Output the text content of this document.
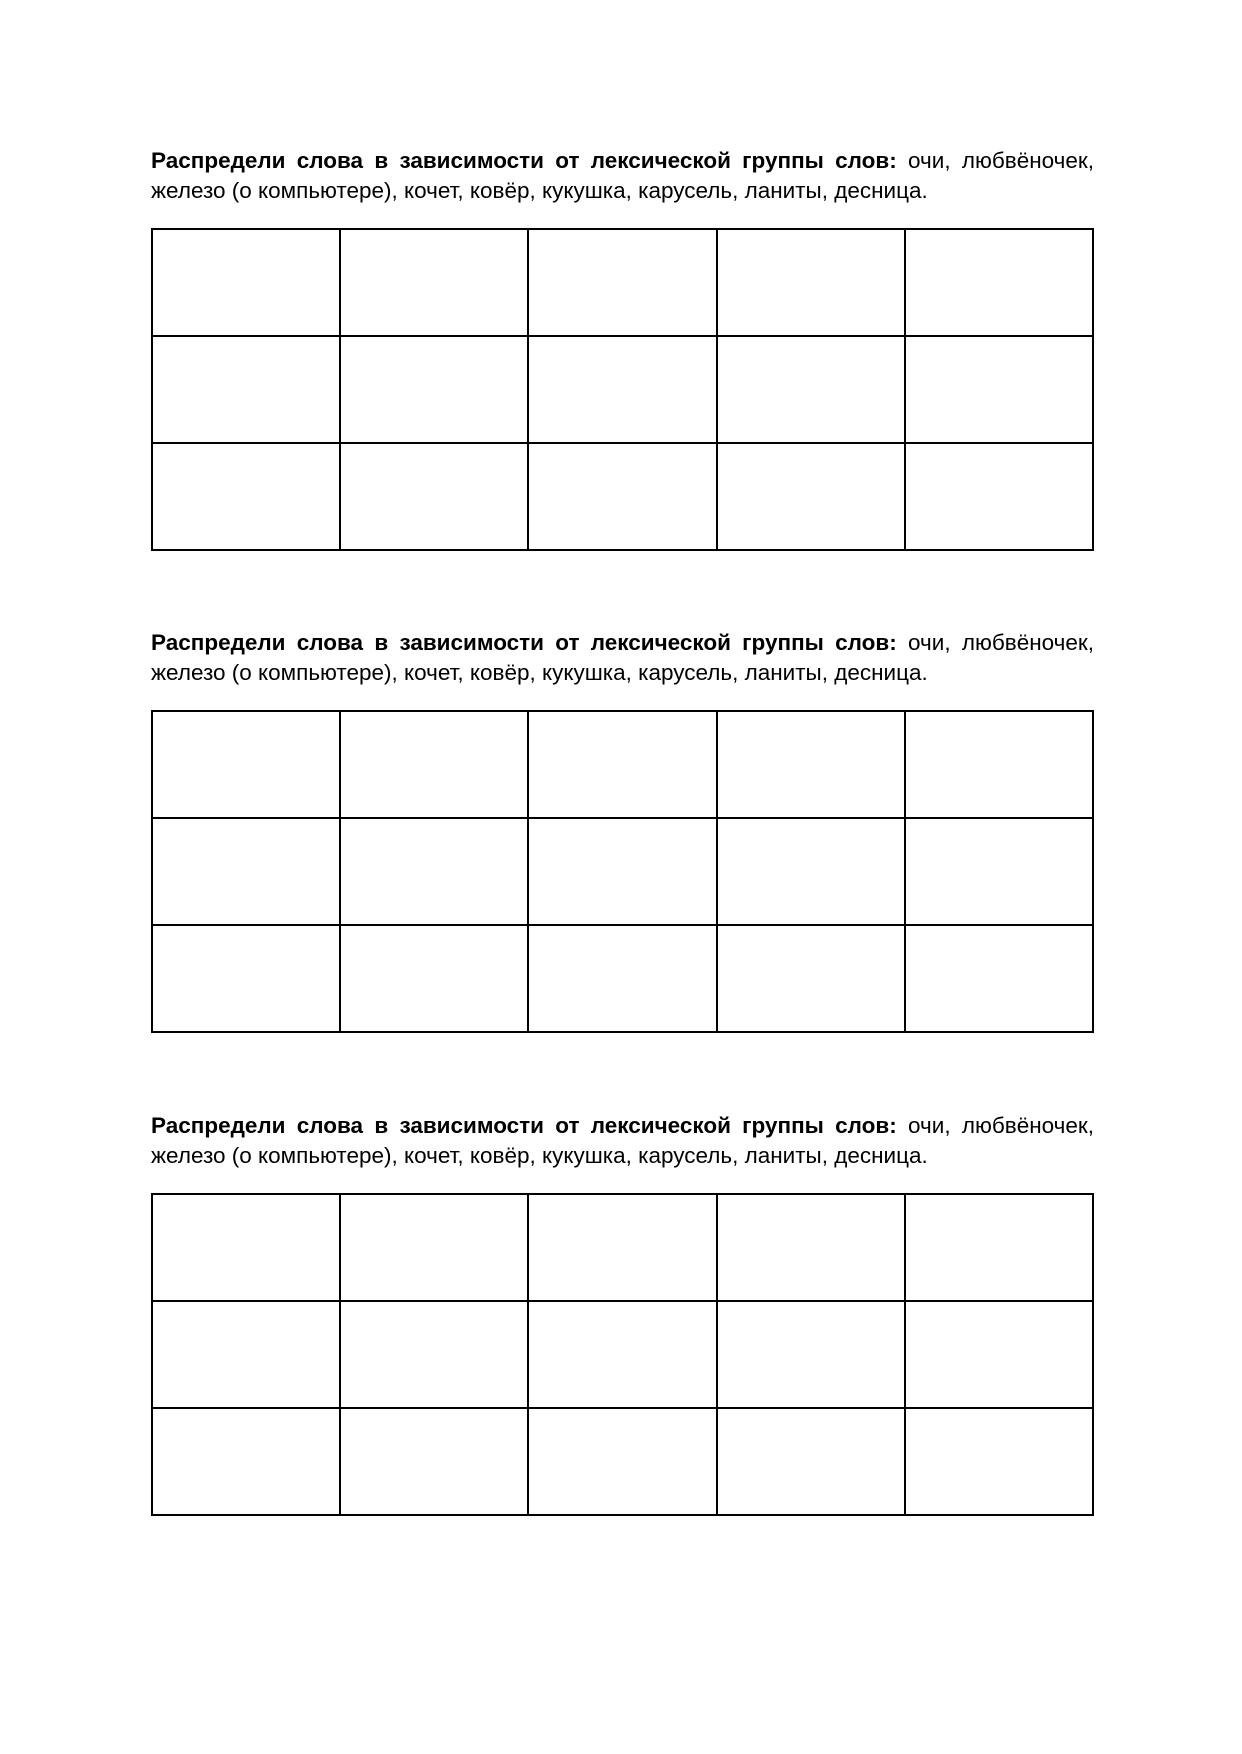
Распредели слова в зависимости от лексической группы слов: очи, любвёночек, железо (о компьютере), кочет, ковёр, кукушка, карусель, ланиты, десница.

Распредели слова в зависимости от лексической группы слов: очи, любвёночек, железо (о компьютере), кочет, ковёр, кукушка, карусель, ланиты, десница.

Распредели слова в зависимости от лексической группы слов: очи, любвёночек, железо (о компьютере), кочет, ковёр, кукушка, карусель, ланиты, десница.
